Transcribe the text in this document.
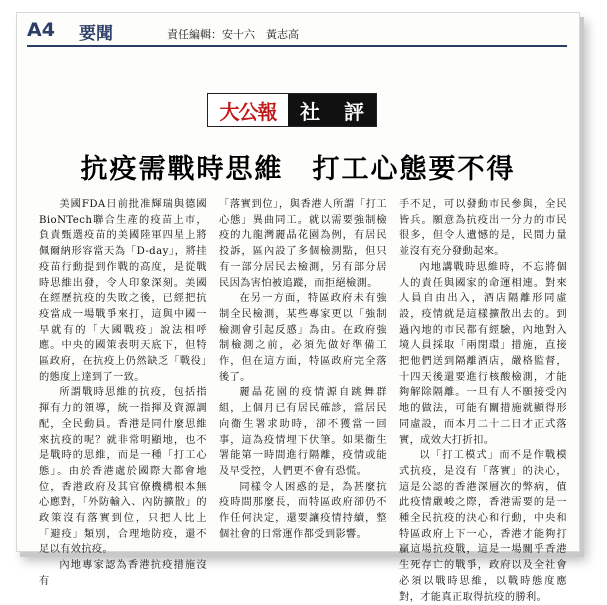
A4 要聞	責任編輯：安十六　黃志高
大公報	社 評
抗疫需戰時思維　打工心態要不得

美國FDA日前批准輝瑞與德國BioNTech聯合生產的疫苗上市，負責甄選疫苗的美國陸軍四星上將佩爾納形容當天為「D-day」，將挂疫苗行動提到作戰的高度，是從戰時思維出發，令人印象深刻。美國在經歷抗疫的失敗之後，已經把抗疫當成一場戰爭來打，這與中國一早就有的「大國戰疫」說法相呼應。中央的國策表明天底下，但特區政府，在抗疫上仍然缺乏「戰役」的態度上達到了一致。

所謂戰時思維的抗疫，包括指揮有力的領導，統一指揮及資源調配，全民動員。香港是同什麼思維來抗疫的呢？就非常明顯地，也不是戰時的思維，而是一種「打工心態」。由於香港處於國際大都會地位，香港政府及其官僚機構根本無心應對，「外防輸入、內防擴散」的政策沒有落實到位，只把人比上「避疫」類別，合理地防疫，還不足以有效抗疫。

內地專家認為香港抗疫措施沒有

「落實到位」，與香港人所謂「打工心態」異曲同工。就以需要強制檢疫的九龍灣麗晶花園為例，有居民投訴，區內設了多個檢測點，但只有一部分居民去檢測，另有部分居民因為害怕被追蹤，而拒絕檢測。

在另一方面，特區政府未有強制全民檢測，某些專家更以「強制檢測會引起反感」為由。在政府強制檢測之前，必須先做好準備工作，但在這方面，特區政府完全落後了。

麗晶花園的疫情源自跳舞群組，上個月已有居民確診，當居民向衞生署求助時，卻不獲當一回事，這為疫情埋下伏筆。如果衞生署能第一時間進行隔離，疫情或能及早受控，人們更不會有恐慌。

同樣令人困惑的是，為甚麼抗疫時間那麼長，而特區政府卻仍不作任何決定，還要讓疫情持續，整個社會的日常運作都受到影響。

手不足，可以發動市民參與，全民皆兵。願意為抗疫出一分力的市民很多，但令人遺憾的是，民間力量並沒有充分發動起來。

內地講戰時思維時，不忘將個人的責任與國家的命運相連。對來人員自由出入，酒店隔離形同虛設，疫情就是這樣擴散出去的。到過內地的市民都有經驗，內地對入境人員採取「兩閉環」措施，直接把他們送到隔離酒店，嚴格監督，十四天後還要進行核酸檢測，才能夠解除隔離。一旦有人不願接受內地的做法，可能有關措施就顯得形同虛設，而本月二十二日才正式落實，成效大打折扣。

以「打工模式」而不是作戰模式抗疫，是沒有「落實」的決心，這是公認的香港深層次的弊病，值此疫情嚴峻之際，香港需要的是一種全民抗疫的決心和行動，中央和特區政府上下一心，香港才能夠打贏這場抗疫戰，這是一場關乎香港生死存亡的戰爭，政府以及全社會必須以戰時思維，以戰時態度應對，才能真正取得抗疫的勝利。
